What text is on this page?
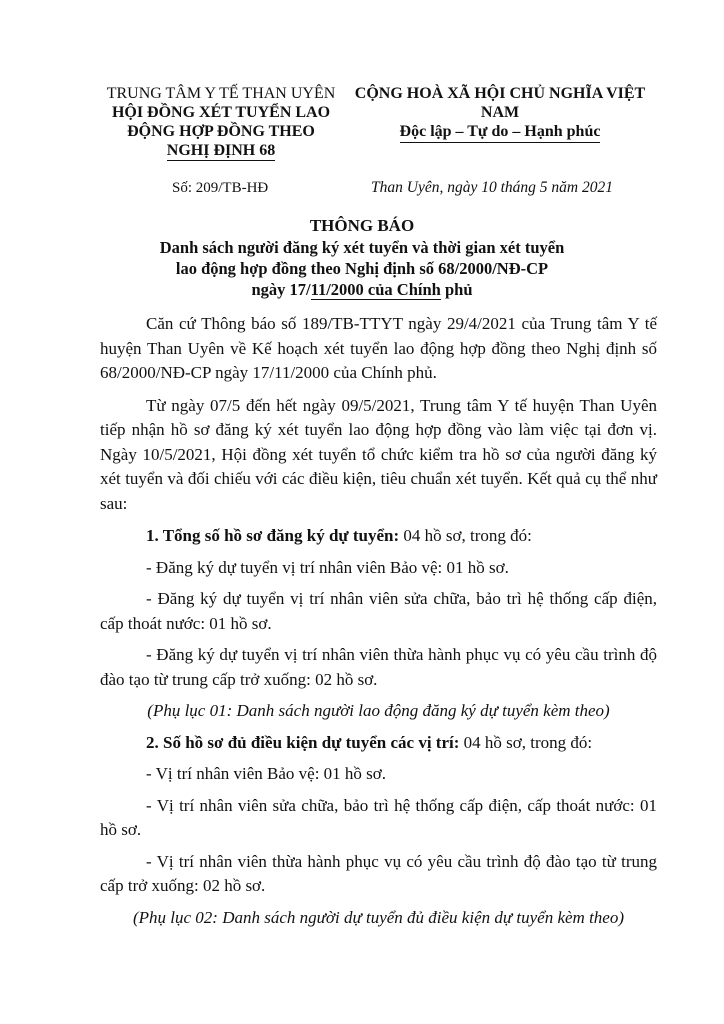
TRUNG TÂM Y TẾ THAN UYÊN
HỘI ĐỒNG XÉT TUYỂN LAO
ĐỘNG HỢP ĐỒNG THEO
NGHỊ ĐỊNH 68
CỘNG HOÀ XÃ HỘI CHỦ NGHĨA VIỆT NAM
Độc lập – Tự do – Hạnh phúc
Số: 209/TB-HĐ	Than Uyên, ngày 10 tháng 5 năm 2021
THÔNG BÁO
Danh sách người đăng ký xét tuyển và thời gian xét tuyển
lao động hợp đồng theo Nghị định số 68/2000/NĐ-CP
ngày 17/11/2000 của Chính phủ

Căn cứ Thông báo số 189/TB-TTYT ngày 29/4/2021 của Trung tâm Y tế huyện Than Uyên về Kế hoạch xét tuyển lao động hợp đồng theo Nghị định số 68/2000/NĐ-CP ngày 17/11/2000 của Chính phủ.

Từ ngày 07/5 đến hết ngày 09/5/2021, Trung tâm Y tế huyện Than Uyên tiếp nhận hồ sơ đăng ký xét tuyển lao động hợp đồng vào làm việc tại đơn vị. Ngày 10/5/2021, Hội đồng xét tuyển tổ chức kiểm tra hồ sơ của người đăng ký xét tuyển và đối chiếu với các điều kiện, tiêu chuẩn xét tuyển. Kết quả cụ thể như sau:

1. Tổng số hồ sơ đăng ký dự tuyển: 04 hồ sơ, trong đó:

- Đăng ký dự tuyển vị trí nhân viên Bảo vệ: 01 hồ sơ.

- Đăng ký dự tuyển vị trí nhân viên sửa chữa, bảo trì hệ thống cấp điện, cấp thoát nước: 01 hồ sơ.

- Đăng ký dự tuyển vị trí nhân viên thừa hành phục vụ có yêu cầu trình độ đào tạo từ trung cấp trở xuống: 02 hồ sơ.

(Phụ lục 01: Danh sách người lao động đăng ký dự tuyển kèm theo)

2. Số hồ sơ đủ điều kiện dự tuyển các vị trí: 04 hồ sơ, trong đó:

- Vị trí nhân viên Bảo vệ: 01 hồ sơ.

- Vị trí nhân viên sửa chữa, bảo trì hệ thống cấp điện, cấp thoát nước: 01 hồ sơ.

- Vị trí nhân viên thừa hành phục vụ có yêu cầu trình độ đào tạo từ trung cấp trở xuống: 02 hồ sơ.

(Phụ lục 02: Danh sách người dự tuyển đủ điều kiện dự tuyển kèm theo)
